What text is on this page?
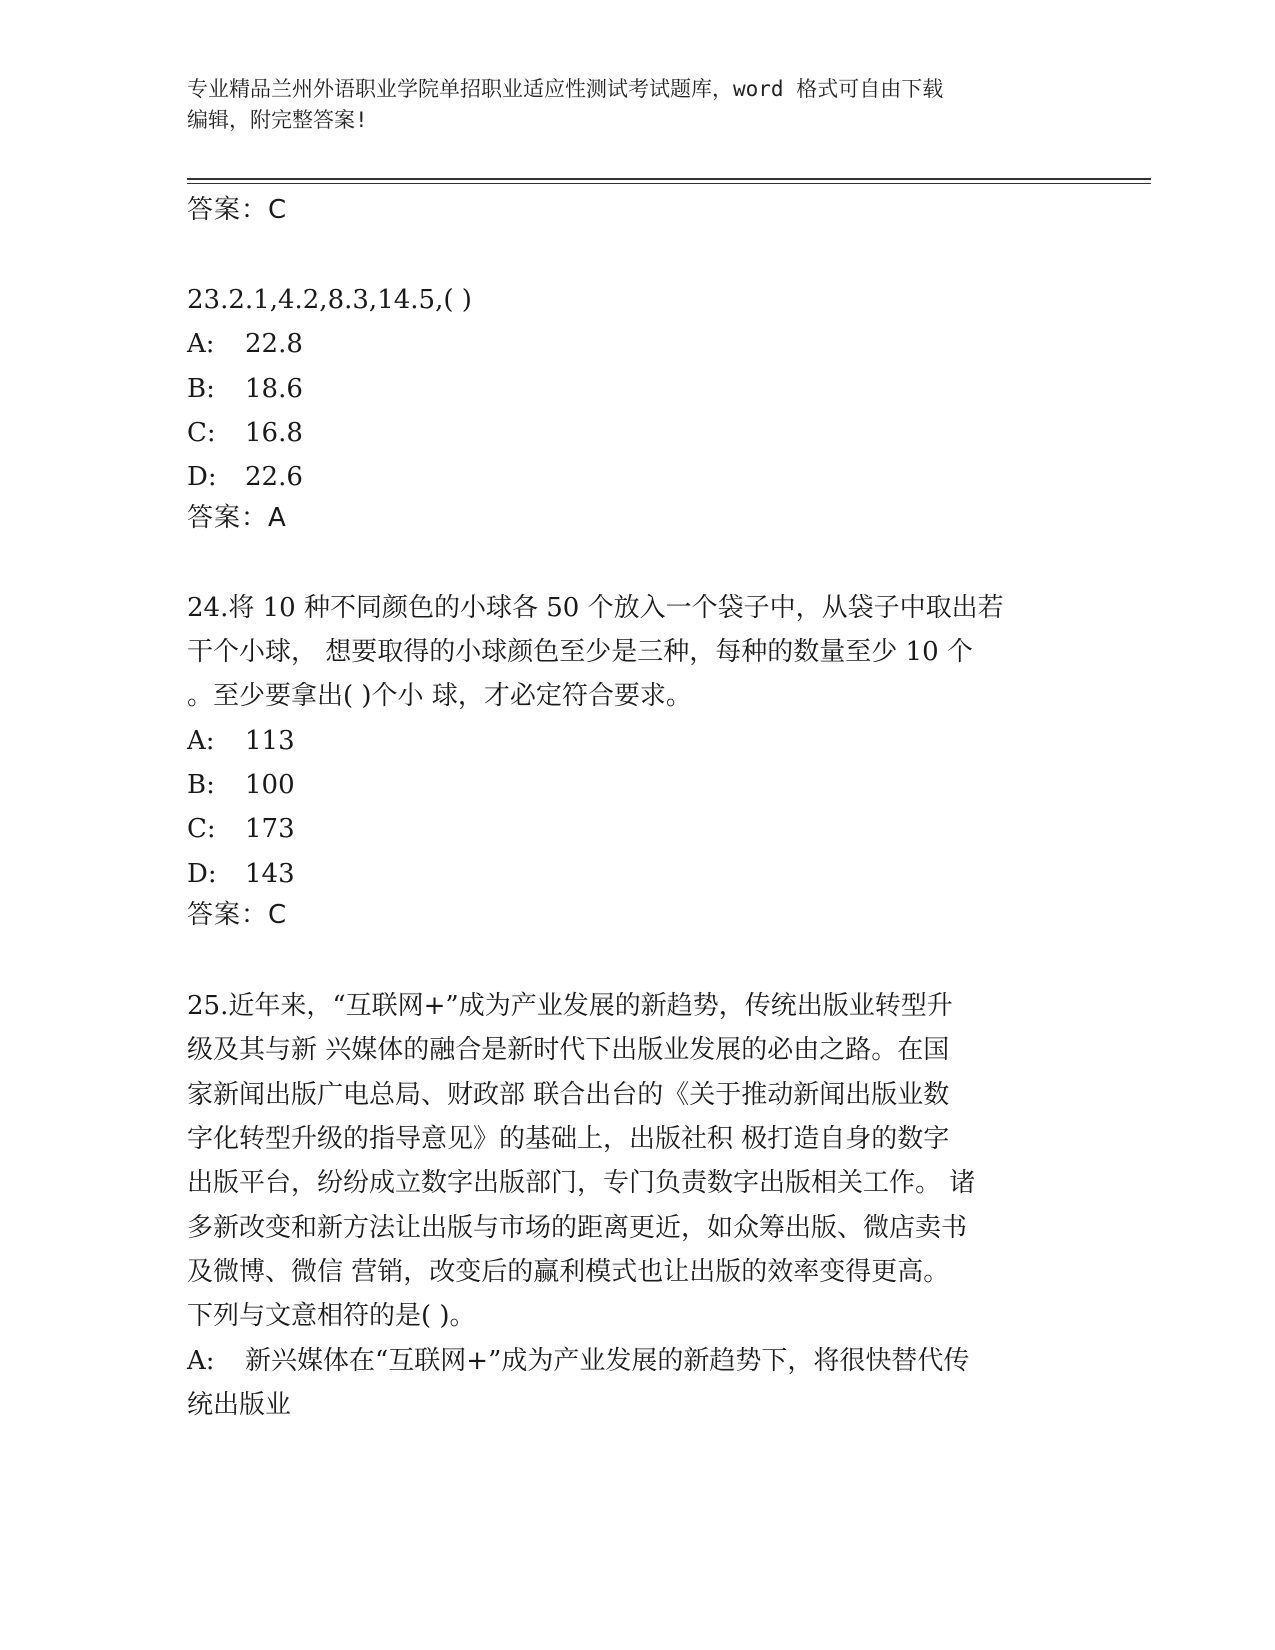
专业精品兰州外语职业学院单招职业适应性测试考试题库，word 格式可自由下载
编辑，附完整答案!
答案：C
23.2.1,4.2,8.3,14.5,( )
A: 22.8
B: 18.6
C: 16.8
D: 22.6
答案：A
24.将 10 种不同颜色的小球各 50 个放入一个袋子中，从袋子中取出若
干个小球， 想要取得的小球颜色至少是三种，每种的数量至少 10 个
。至少要拿出( )个小 球，才必定符合要求。
A: 113
B: 100
C: 173
D: 143
答案：C
25.近年来，“互联网+”成为产业发展的新趋势，传统出版业转型升
级及其与新 兴媒体的融合是新时代下出版业发展的必由之路。在国
家新闻出版广电总局、财政部 联合出台的《关于推动新闻出版业数
字化转型升级的指导意见》的基础上，出版社积 极打造自身的数字
出版平台，纷纷成立数字出版部门，专门负责数字出版相关工作。 诸
多新改变和新方法让出版与市场的距离更近，如众筹出版、微店卖书
及微博、微信 营销，改变后的赢利模式也让出版的效率变得更高。
下列与文意相符的是( )。
A: 新兴媒体在“互联网+”成为产业发展的新趋势下，将很快替代传
统出版业
